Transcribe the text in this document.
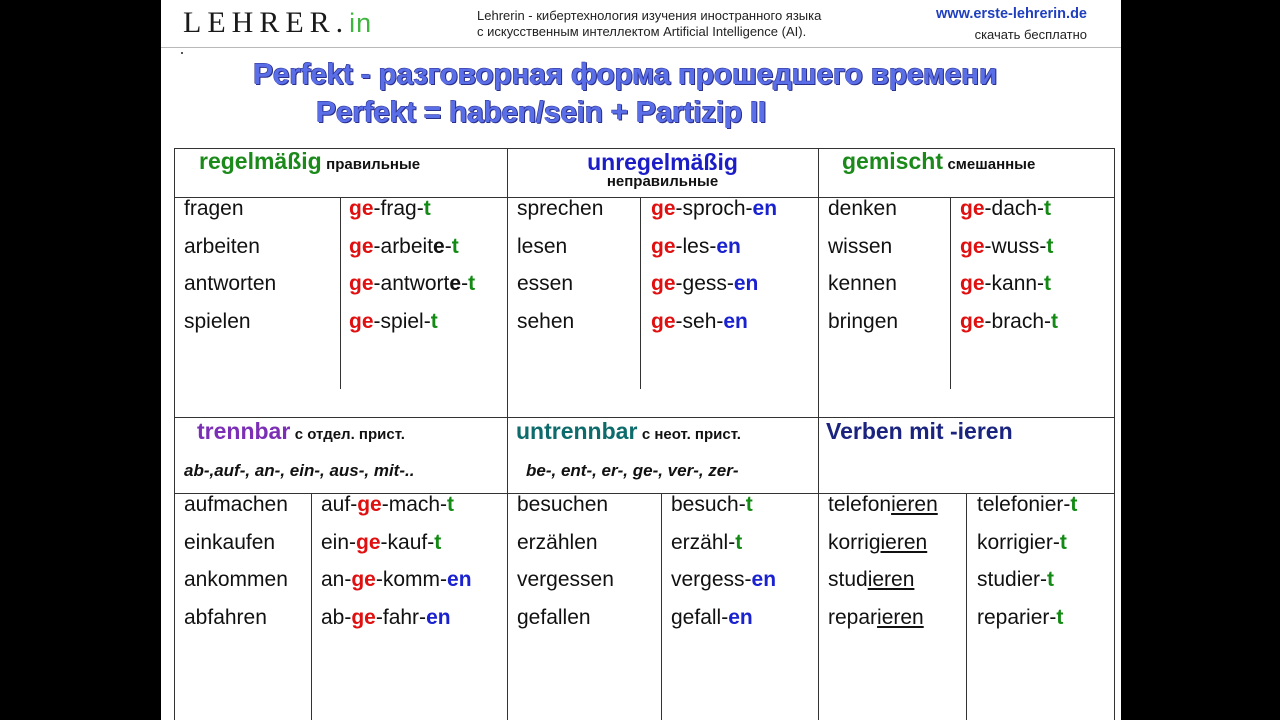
LEHRER.in	Lehrerin - кибертехнология изучения иностранного языка
с искусственным интеллектом Artificial Intelligence (AI).
www.erste-lehrerin.de
скачать бесплатно
Perfekt - разговорная форма прошедшего времени
Perfekt = haben/sein + Partizip II
regelmäßig правильные	unregelmäßig
неправильные
gemischt смешанные
trennbar с отдел. прист.
ab-,auf-, an-, ein-, aus-, mit-..
untrennbar с неот. прист.
be-, ent-, er-, ge-, ver-, zer-
Verben mit -ieren
fragen	ge-frag-t
arbeiten	ge-arbeite-t
antworten	ge-antworte-t
spielen	ge-spiel-t
sprechen ge-sproch-en
lesen	ge-les-en
essen	ge-gess-en
sehen	ge-seh-en
denken	ge-dach-t
wissen	ge-wuss-t
kennen	ge-kann-t
bringen	ge-brach-t
aufmachen auf-ge-mach-t
einkaufen ein-ge-kauf-t
ankommen an-ge-komm-en
abfahren	ab-ge-fahr-en
besuchen	besuch-t
erzählen	erzähl-t
vergessen	vergess-en
gefallen	gefall-en
telefonieren telefonier-t
korrigieren korrigier-t
studieren	studier-t
reparieren	reparier-t
